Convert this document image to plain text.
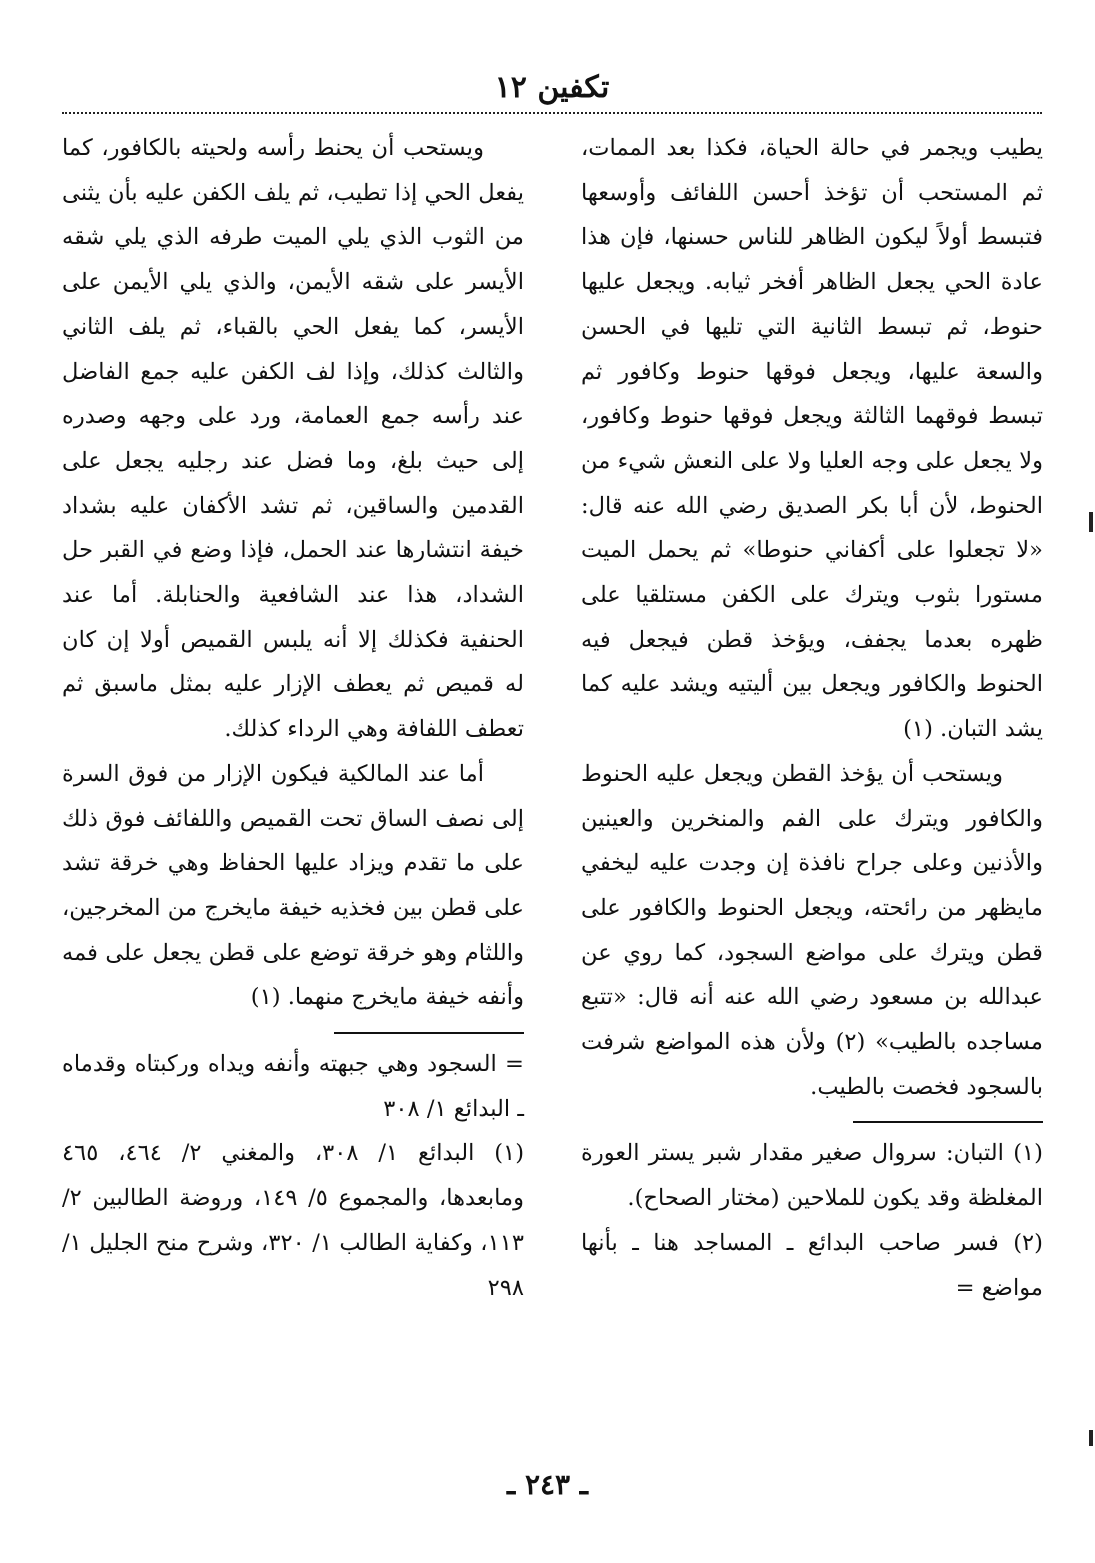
تكفين ١٢

يطيب ويجمر في حالة الحياة، فكذا بعد الممات، ثم المستحب أن تؤخذ أحسن اللفائف وأوسعها فتبسط أولاً ليكون الظاهر للناس حسنها، فإن هذا عادة الحي يجعل الظاهر أفخر ثيابه. ويجعل عليها حنوط، ثم تبسط الثانية التي تليها في الحسن والسعة عليها، ويجعل فوقها حنوط وكافور ثم تبسط فوقهما الثالثة ويجعل فوقها حنوط وكافور، ولا يجعل على وجه العليا ولا على النعش شيء من الحنوط، لأن أبا بكر الصديق رضي الله عنه قال: «لا تجعلوا على أكفاني حنوطا» ثم يحمل الميت مستورا بثوب ويترك على الكفن مستلقيا على ظهره بعدما يجفف، ويؤخذ قطن فيجعل فيه الحنوط والكافور ويجعل بين أليتيه ويشد عليه كما يشد التبان. (١)

ويستحب أن يؤخذ القطن ويجعل عليه الحنوط والكافور ويترك على الفم والمنخرين والعينين والأذنين وعلى جراح نافذة إن وجدت عليه ليخفي مايظهر من رائحته، ويجعل الحنوط والكافور على قطن ويترك على مواضع السجود، كما روي عن عبدالله بن مسعود رضي الله عنه أنه قال: «تتبع مساجده بالطيب» (٢) ولأن هذه المواضع شرفت بالسجود فخصت بالطيب.

(١) التبان: سروال صغير مقدار شبر يستر العورة المغلظة وقد يكون للملاحين (مختار الصحاح).

(٢) فسر صاحب البدائع ـ المساجد هنا ـ بأنها مواضع =

ويستحب أن يحنط رأسه ولحيته بالكافور، كما يفعل الحي إذا تطيب، ثم يلف الكفن عليه بأن يثنى من الثوب الذي يلي الميت طرفه الذي يلي شقه الأيسر على شقه الأيمن، والذي يلي الأيمن على الأيسر، كما يفعل الحي بالقباء، ثم يلف الثاني والثالث كذلك، وإذا لف الكفن عليه جمع الفاضل عند رأسه جمع العمامة، ورد على وجهه وصدره إلى حيث بلغ، وما فضل عند رجليه يجعل على القدمين والساقين، ثم تشد الأكفان عليه بشداد خيفة انتشارها عند الحمل، فإذا وضع في القبر حل الشداد، هذا عند الشافعية والحنابلة. أما عند الحنفية فكذلك إلا أنه يلبس القميص أولا إن كان له قميص ثم يعطف الإزار عليه بمثل ماسبق ثم تعطف اللفافة وهي الرداء كذلك.

أما عند المالكية فيكون الإزار من فوق السرة إلى نصف الساق تحت القميص واللفائف فوق ذلك على ما تقدم ويزاد عليها الحفاظ وهي خرقة تشد على قطن بين فخذيه خيفة مايخرج من المخرجين، واللثام وهو خرقة توضع على قطن يجعل على فمه وأنفه خيفة مايخرج منهما. (١)

= السجود وهي جبهته وأنفه ويداه وركبتاه وقدماه ـ البدائع ١/ ٣٠٨

(١) البدائع ١/ ٣٠٨، والمغني ٢/ ٤٦٤، ٤٦٥ ومابعدها، والمجموع ٥/ ١٤٩، وروضة الطالبين ٢/ ١١٣، وكفاية الطالب ١/ ٣٢٠، وشرح منح الجليل ١/ ٢٩٨

ـ ٢٤٣ ـ
